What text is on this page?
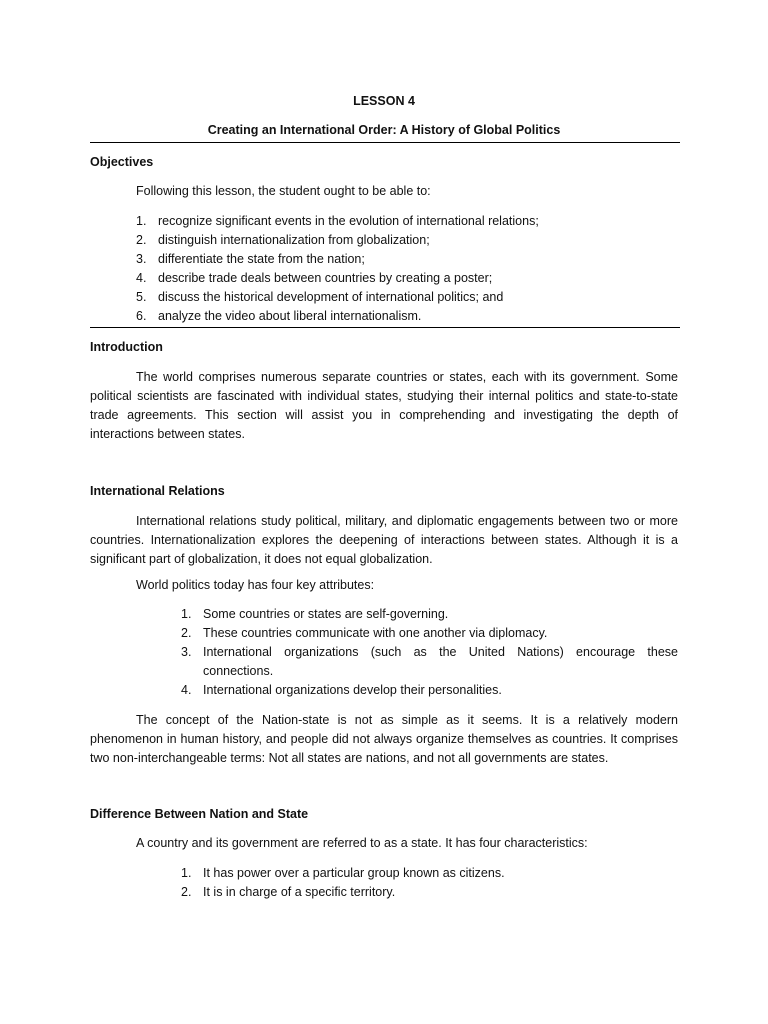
LESSON 4
Creating an International Order: A History of Global Politics
Objectives
Following this lesson, the student ought to be able to:
1. recognize significant events in the evolution of international relations;
2. distinguish internationalization from globalization;
3. differentiate the state from the nation;
4. describe trade deals between countries by creating a poster;
5. discuss the historical development of international politics; and
6. analyze the video about liberal internationalism.
Introduction

The world comprises numerous separate countries or states, each with its government. Some political scientists are fascinated with individual states, studying their internal politics and state-to-state trade agreements. This section will assist you in comprehending and investigating the depth of interactions between states.

International Relations

International relations study political, military, and diplomatic engagements between two or more countries. Internationalization explores the deepening of interactions between states. Although it is a significant part of globalization, it does not equal globalization.

World politics today has four key attributes:
1. Some countries or states are self-governing.
2. These countries communicate with one another via diplomacy.
3. International organizations (such as the United Nations) encourage these connections.
4. International organizations develop their personalities.

The concept of the Nation-state is not as simple as it seems. It is a relatively modern phenomenon in human history, and people did not always organize themselves as countries. It comprises two non-interchangeable terms: Not all states are nations, and not all governments are states.

Difference Between Nation and State
A country and its government are referred to as a state. It has four characteristics:
1. It has power over a particular group known as citizens.
2. It is in charge of a specific territory.
